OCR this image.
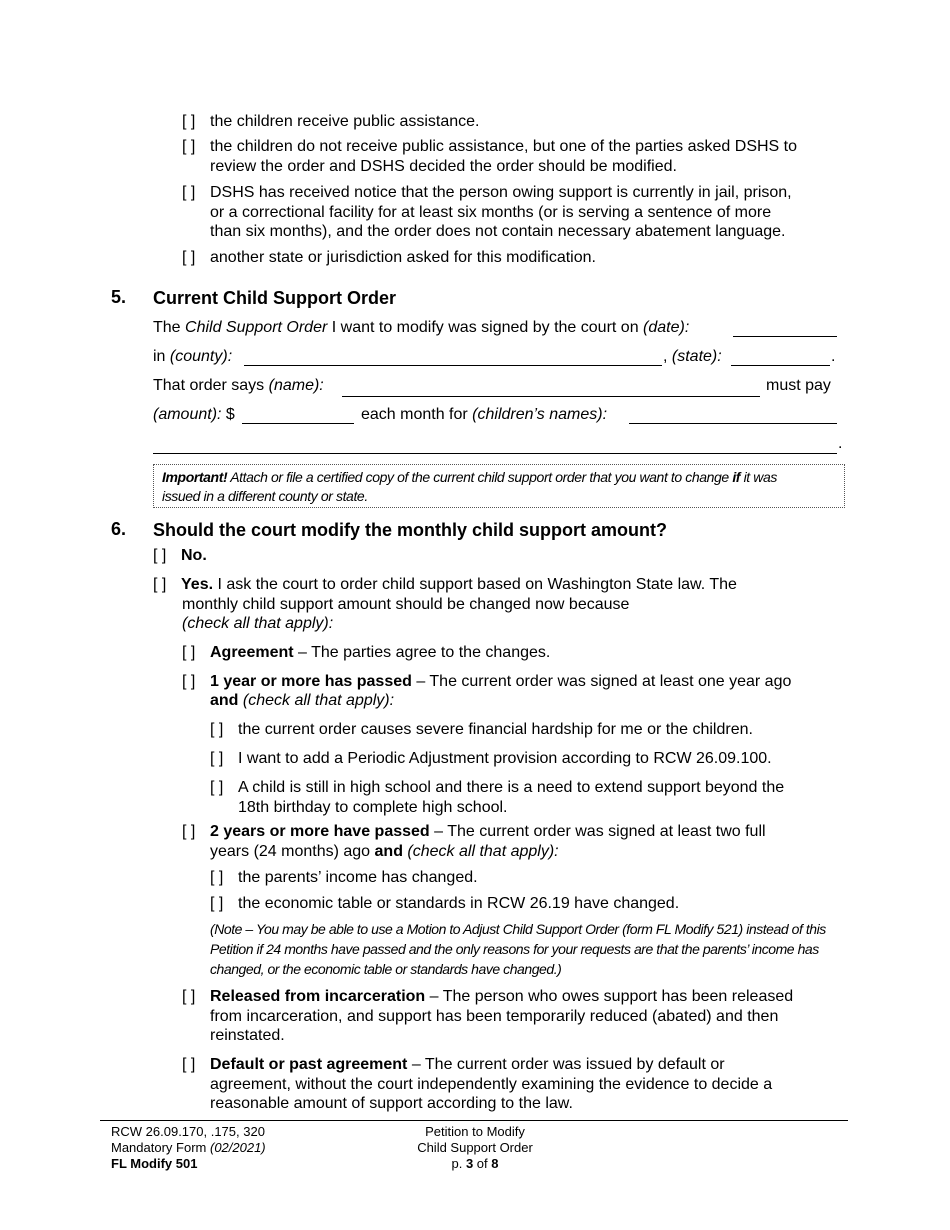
[ ] the children receive public assistance.
[ ] the children do not receive public assistance, but one of the parties asked DSHS to
review the order and DSHS decided the order should be modified.
[ ] DSHS has received notice that the person owing support is currently in jail, prison,
or a correctional facility for at least six months (or is serving a sentence of more
than six months), and the order does not contain necessary abatement language.
[ ] another state or jurisdiction asked for this modification.
5. Current Child Support Order
The Child Support Order I want to modify was signed by the court on (date):
in (county):	, (state):	.
That order says (name):	must pay
(amount): $	each month for (children’s names):
.
Important! Attach or file a certified copy of the current child support order that you want to change if it was
issued in a different county or state.
6. Should the court modify the monthly child support amount?
[ ] No.
[ ] Yes. I ask the court to order child support based on Washington State law. The
monthly child support amount should be changed now because
(check all that apply):
[ ] Agreement – The parties agree to the changes.
[ ] 1 year or more has passed – The current order was signed at least one year ago
and (check all that apply):
[ ] the current order causes severe financial hardship for me or the children.
[ ] I want to add a Periodic Adjustment provision according to RCW 26.09.100.
[ ] A child is still in high school and there is a need to extend support beyond the
18th birthday to complete high school.
[ ] 2 years or more have passed – The current order was signed at least two full
years (24 months) ago and (check all that apply):
[ ] the parents’ income has changed.
[ ] the economic table or standards in RCW 26.19 have changed.
(Note – You may be able to use a Motion to Adjust Child Support Order (form FL Modify 521) instead of this Petition if 24 months have passed and the only reasons for your requests are that the parents’ income has changed, or the economic table or standards have changed.)
[ ] Released from incarceration – The person who owes support has been released
from incarceration, and support has been temporarily reduced (abated) and then
reinstated.
[ ] Default or past agreement – The current order was issued by default or
agreement, without the court independently examining the evidence to decide a
reasonable amount of support according to the law.
RCW 26.09.170, .175, 320
Mandatory Form (02/2021)
FL Modify 501
Petition to Modify
Child Support Order
p. 3 of 8
